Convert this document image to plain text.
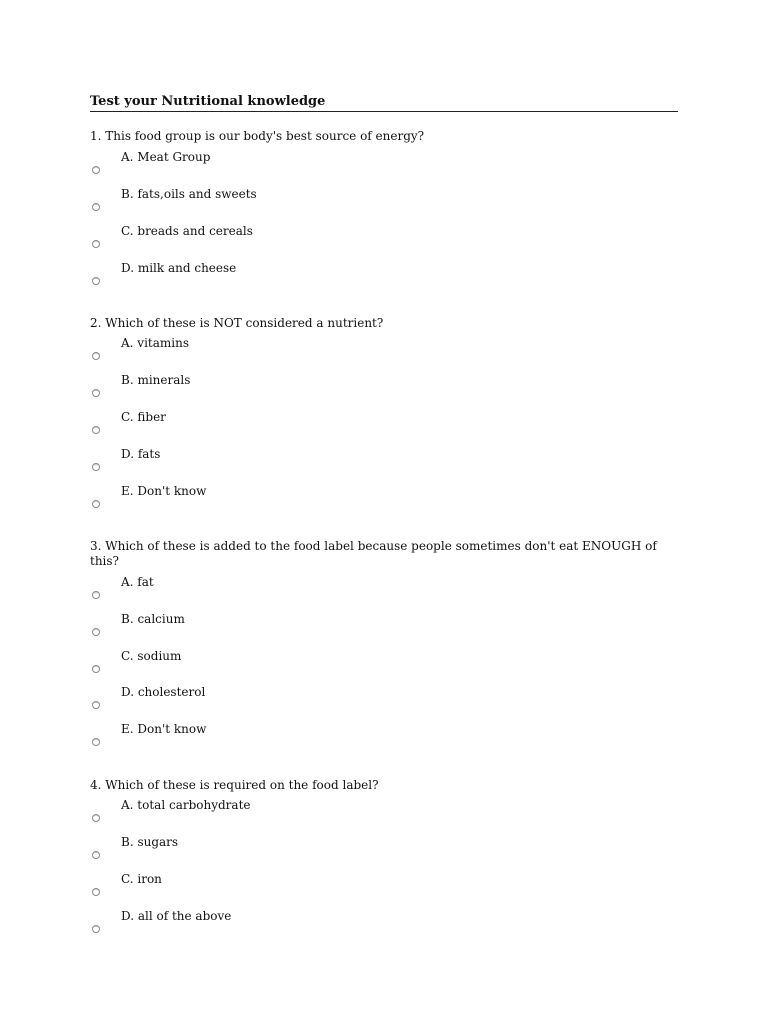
Test your Nutritional knowledge
1. This food group is our body's best source of energy?
A. Meat Group
B. fats,oils and sweets
C. breads and cereals
D. milk and cheese
2. Which of these is NOT considered a nutrient?
A. vitamins
B. minerals
C. fiber
D. fats
E. Don't know
3. Which of these is added to the food label because people sometimes don't eat ENOUGH of this?
A. fat
B. calcium
C. sodium
D. cholesterol
E. Don't know
4. Which of these is required on the food label?
A. total carbohydrate
B. sugars
C. iron
D. all of the above
